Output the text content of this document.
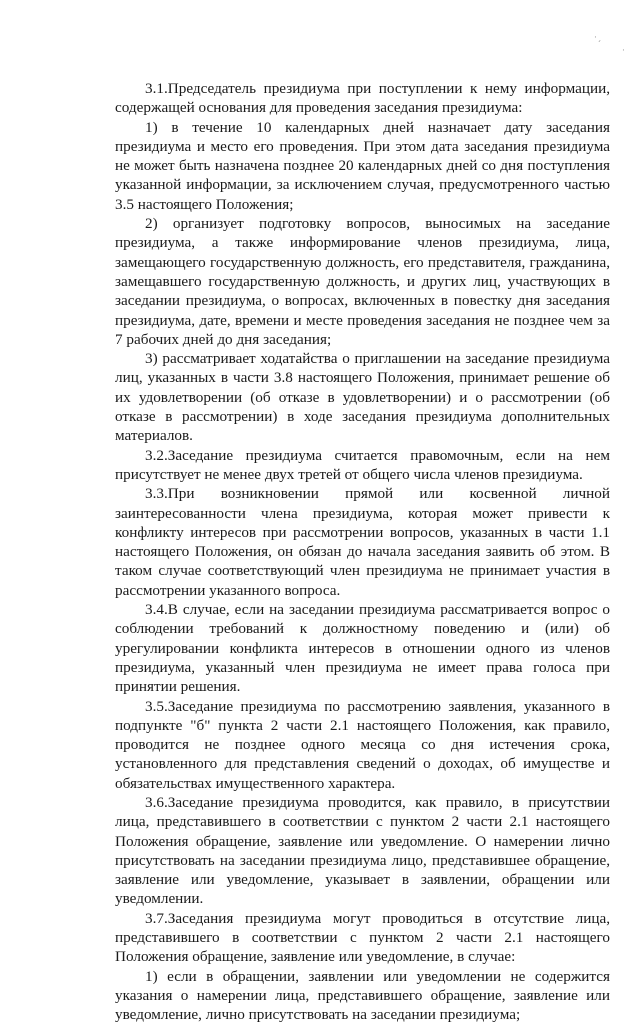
·ˏ
·

3.1.Председатель президиума при поступлении к нему информации, содержащей основания для проведения заседания президиума:

1) в течение 10 календарных дней назначает дату заседания президиума и место его проведения. При этом дата заседания президиума не может быть назначена позднее 20 календарных дней со дня поступления указанной информации, за исключением случая, предусмотренного частью 3.5 настоящего Положения;

2) организует подготовку вопросов, выносимых на заседание президиума, а также информирование членов президиума, лица, замещающего государственную должность, его представителя, гражданина, замещавшего государственную должность, и других лиц, участвующих в заседании президиума, о вопросах, включенных в повестку дня заседания президиума, дате, времени и месте проведения заседания не позднее чем за 7 рабочих дней до дня заседания;

3) рассматривает ходатайства о приглашении на заседание президиума лиц, указанных в части 3.8 настоящего Положения, принимает решение об их удовлетворении (об отказе в удовлетворении) и о рассмотрении (об отказе в рассмотрении) в ходе заседания президиума дополнительных материалов.

3.2.Заседание президиума считается правомочным, если на нем присутствует не менее двух третей от общего числа членов президиума.

3.3.При возникновении прямой или косвенной личной заинтересованности члена президиума, которая может привести к конфликту интересов при рассмотрении вопросов, указанных в части 1.1 настоящего Положения, он обязан до начала заседания заявить об этом. В таком случае соответствующий член президиума не принимает участия в рассмотрении указанного вопроса.

3.4.В случае, если на заседании президиума рассматривается вопрос о соблюдении требований к должностному поведению и (или) об урегулировании конфликта интересов в отношении одного из членов президиума, указанный член президиума не имеет права голоса при принятии решения.

3.5.Заседание президиума по рассмотрению заявления, указанного в подпункте "б" пункта 2 части 2.1 настоящего Положения, как правило, проводится не позднее одного месяца со дня истечения срока, установленного для представления сведений о доходах, об имуществе и обязательствах имущественного характера.

3.6.Заседание президиума проводится, как правило, в присутствии лица, представившего в соответствии с пунктом 2 части 2.1 настоящего Положения обращение, заявление или уведомление. О намерении лично присутствовать на заседании президиума лицо, представившее обращение, заявление или уведомление, указывает в заявлении, обращении или уведомлении.

3.7.Заседания президиума могут проводиться в отсутствие лица, представившего в соответствии с пунктом 2 части 2.1 настоящего Положения обращение, заявление или уведомление, в случае:

1) если в обращении, заявлении или уведомлении не содержится указания о намерении лица, представившего обращение, заявление или уведомление, лично присутствовать на заседании президиума;
